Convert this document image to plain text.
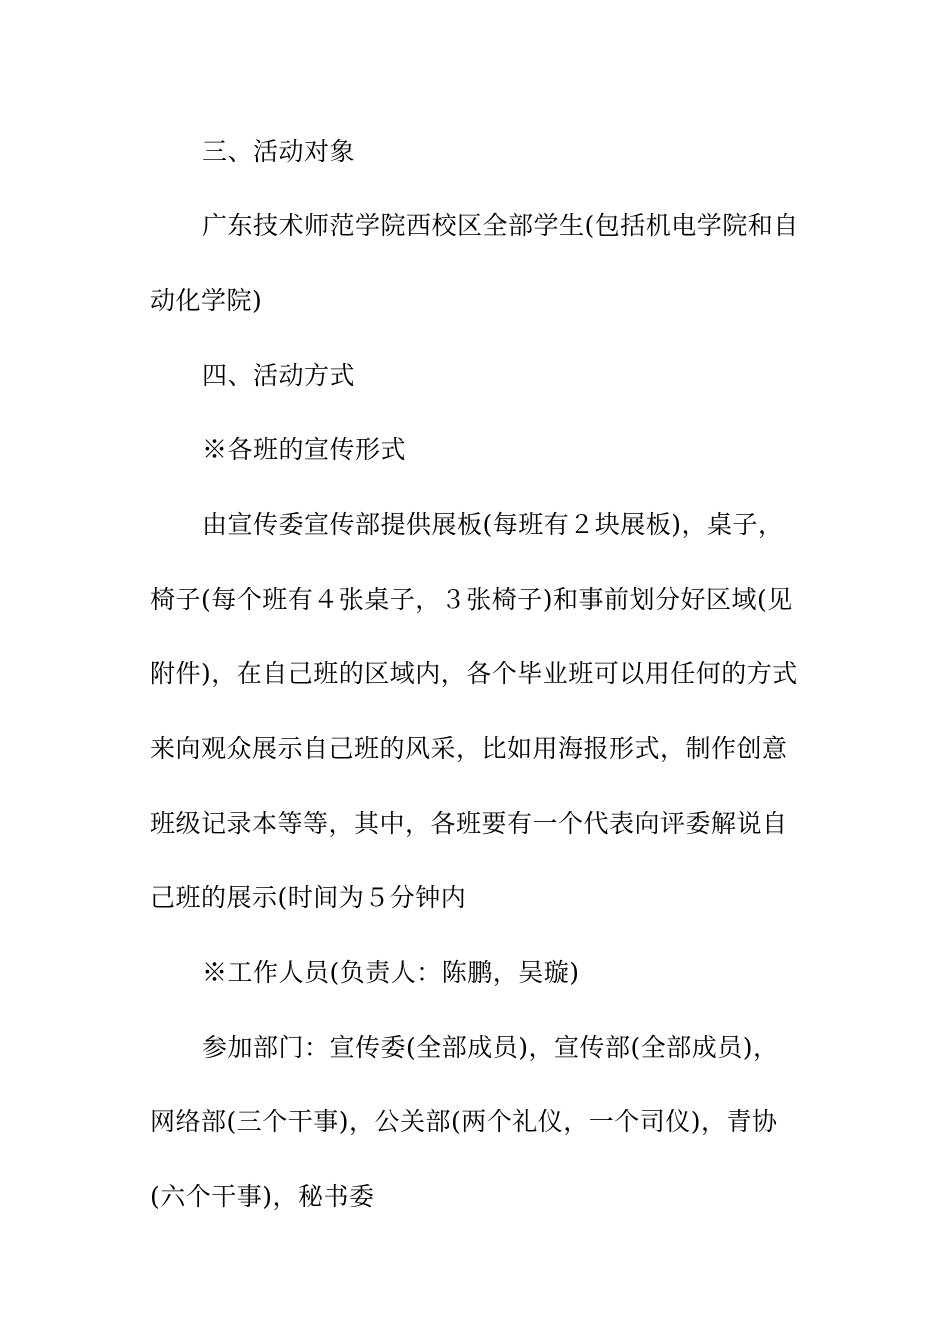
三、活动对象
广东技术师范学院西校区全部学生(包括机电学院和自
动化学院)
四、活动方式
※各班的宣传形式
由宣传委宣传部提供展板(每班有２块展板)，桌子，
椅子(每个班有４张桌子，３张椅子)和事前划分好区域(见
附件)，在自己班的区域内，各个毕业班可以用任何的方式
来向观众展示自己班的风采，比如用海报形式，制作创意
班级记录本等等，其中，各班要有一个代表向评委解说自
己班的展示(时间为５分钟内
※工作人员(负责人：陈鹏，吴璇)
参加部门：宣传委(全部成员)，宣传部(全部成员)，
网络部(三个干事)，公关部(两个礼仪，一个司仪)，青协
(六个干事)，秘书委
